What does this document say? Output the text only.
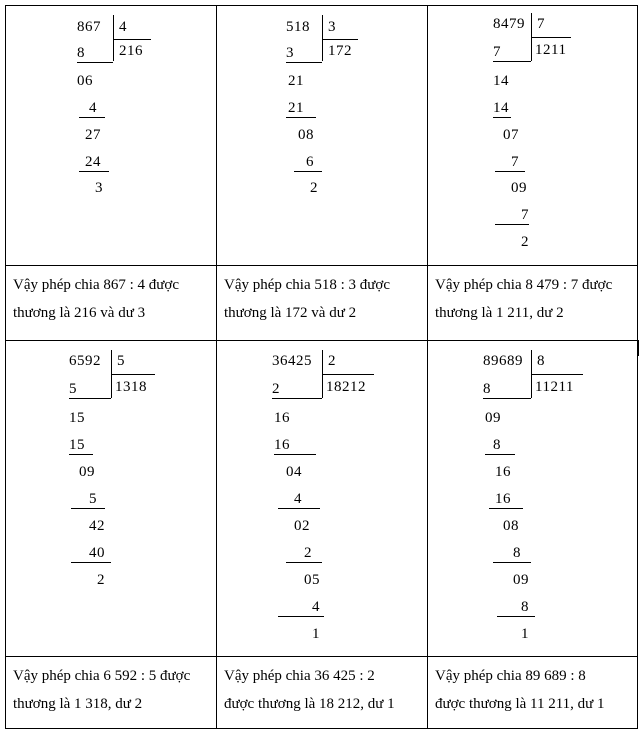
867 4
216
8
06
4
27
24
3
Vậy phép chia 867 : 4 được
thương là 216 và dư 3
518 3
172
3
21
21
08
6
2
Vậy phép chia 518 : 3 được
thương là 172 và dư 2
8479 7
1211
7
14
14
07
7
09
7
2
Vậy phép chia 8 479 : 7 được
thương là 1 211, dư 2
6592 5
1318
5
15
15
09
5
42
40
2
Vậy phép chia 6 592 : 5 được
thương là 1 318, dư 2
36425 2
18212
2
16
16
04
4
02
2
05
4
1
Vậy phép chia 36 425 : 2
được thương là 18 212, dư 1
89689 8
11211
8
09
8
16
16
08
8
09
8
1
Vậy phép chia 89 689 : 8
được thương là 11 211, dư 1
